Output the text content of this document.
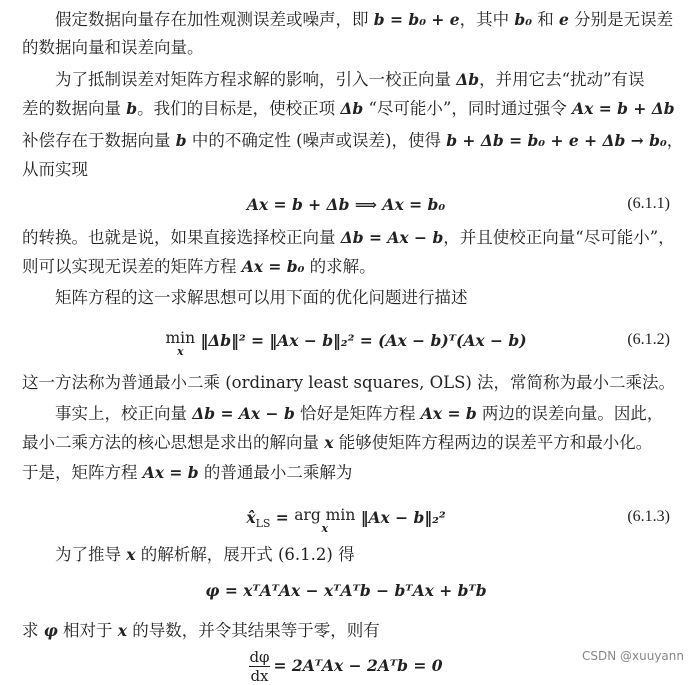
假定数据向量存在加性观测误差或噪声，即 b = b₀ + e，其中 b₀ 和 e 分别是无误差
的数据向量和误差向量。
为了抵制误差对矩阵方程求解的影响，引入一校正向量 Δb，并用它去“扰动”有误
差的数据向量 b。我们的目标是，使校正项 Δb “尽可能小”，同时通过强令 Ax = b + Δb
补偿存在于数据向量 b 中的不确定性 (噪声或误差)，使得 b + Δb = b₀ + e + Δb → b₀，
从而实现
Ax = b + Δb ⟹ Ax = b₀	(6.1.1)
的转换。也就是说，如果直接选择校正向量 Δb = Ax − b，并且使校正向量“尽可能小”，
则可以实现无误差的矩阵方程 Ax = b₀ 的求解。
矩阵方程的这一求解思想可以用下面的优化问题进行描述
min
x
‖Δb‖² = ‖Ax − b‖₂² = (Ax − b)ᵀ(Ax − b)	(6.1.2)
这一方法称为普通最小二乘 (ordinary least squares, OLS) 法，常简称为最小二乘法。
事实上，校正向量 Δb = Ax − b 恰好是矩阵方程 Ax = b 两边的误差向量。因此，
最小二乘方法的核心思想是求出的解向量 x 能够使矩阵方程两边的误差平方和最小化。
于是，矩阵方程 Ax = b 的普通最小二乘解为
$x̂_{LS}$ = arg min
x
‖Ax − b‖₂²	(6.1.3)
为了推导 x 的解析解，展开式 (6.1.2) 得
φ = xᵀAᵀAx − xᵀAᵀb − bᵀAx + bᵀb
求 φ 相对于 x 的导数，并令其结果等于零，则有
$\frac{d\varphi}{dx}$ = 2AᵀAx − 2Aᵀb = 0	CSDN @xuuyann
